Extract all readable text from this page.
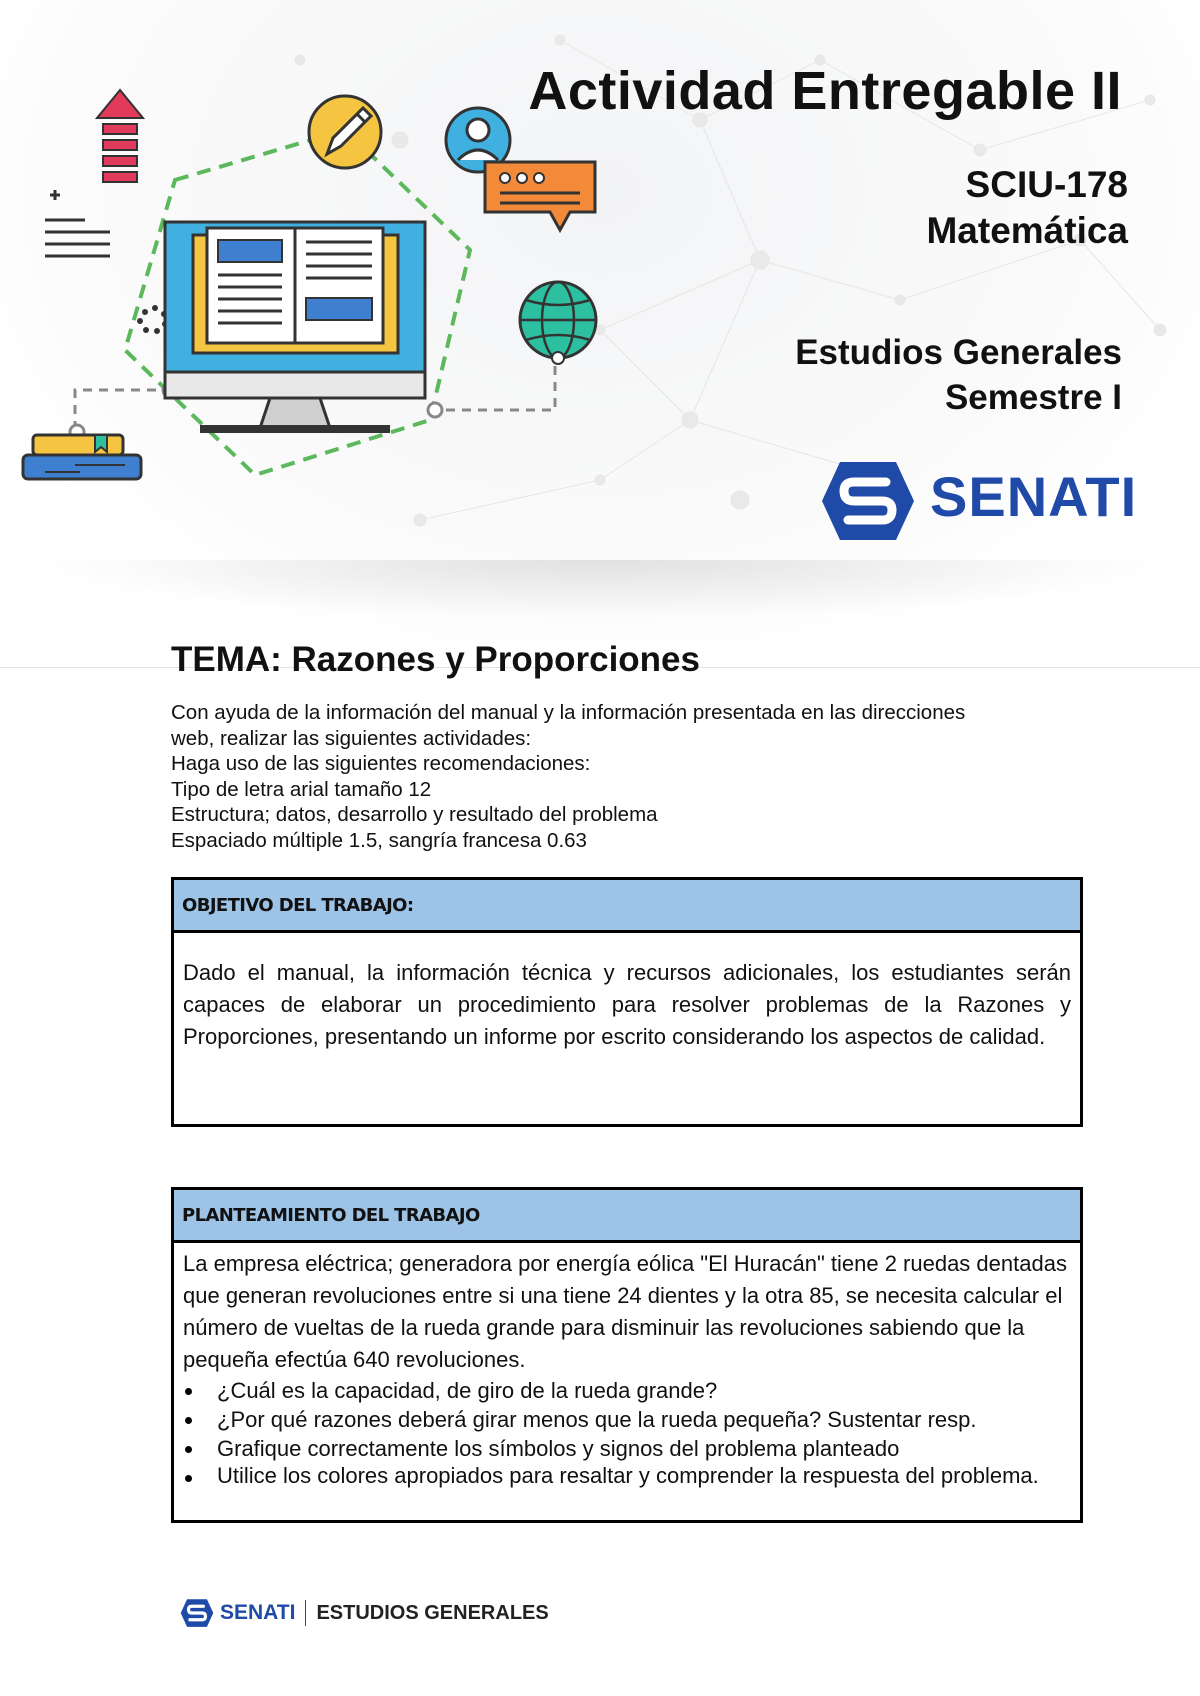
Actividad Entregable II
SCIU-178
Matemática
Estudios Generales
Semestre I
SENATI
TEMA: Razones y Proporciones
Con ayuda de la información del manual y la información presentada en las direcciones
web, realizar las siguientes actividades:
Haga uso de las siguientes recomendaciones:
Tipo de letra arial tamaño 12
Estructura; datos, desarrollo y resultado del problema
Espaciado múltiple 1.5, sangría francesa 0.63
OBJETIVO DEL TRABAJO:
Dado el manual, la información técnica y recursos adicionales, los estudiantes serán capaces de elaborar un procedimiento para resolver problemas de la Razones y Proporciones, presentando un informe por escrito considerando los aspectos de calidad.
PLANTEAMIENTO DEL TRABAJO

La empresa eléctrica; generadora por energía eólica "El Huracán" tiene 2 ruedas dentadas que generan revoluciones entre si una tiene 24 dientes y la otra 85, se necesita calcular el número de vueltas de la rueda grande para disminuir las revoluciones sabiendo que la pequeña efectúa 640 revoluciones.

¿Cuál es la capacidad, de giro de la rueda grande?
¿Por qué razones deberá girar menos que la rueda pequeña? Sustentar resp.
Grafique correctamente los símbolos y signos del problema planteado
Utilice los colores apropiados para resaltar y comprender la respuesta del problema.
SENATI ESTUDIOS GENERALES
